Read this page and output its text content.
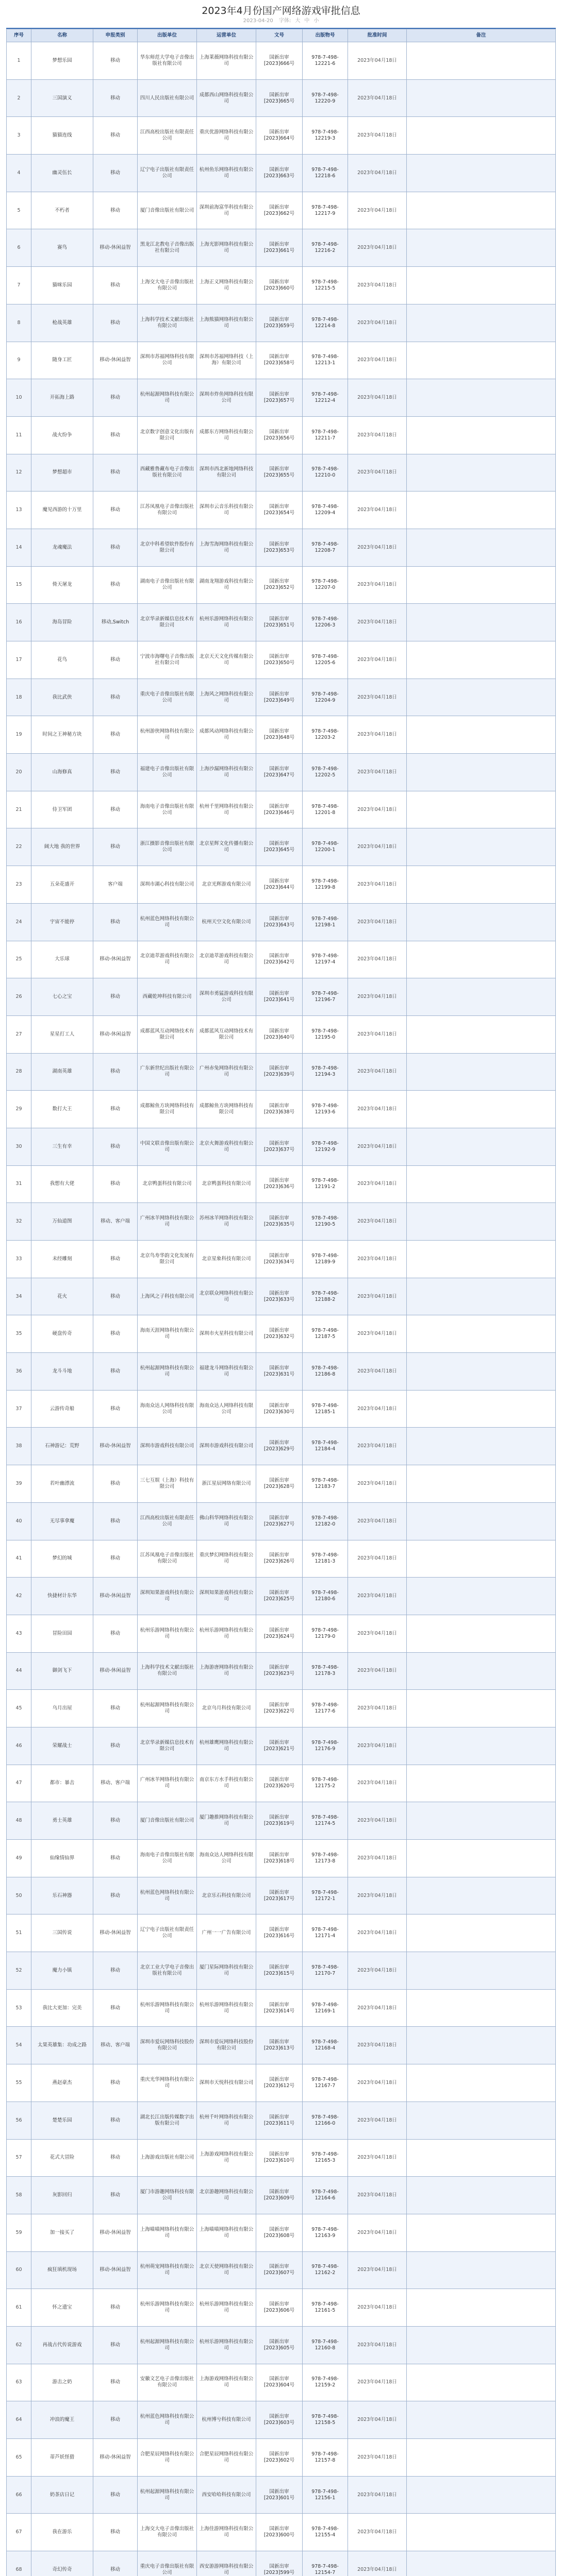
2023年4月份国产网络游戏审批信息
2023-04-20 字体: 大 中 小
序号	名称	申报类别	出版单位	运营单位	文号	出版物号	批准时间	备注
1	梦想乐园	移动	华东师范大学电子音像出版社有限公司	上海莱薇网络科技有限公司	国新出审[2023]666号	978-7-498-12221-6	2023年04月18日	
2	三国演义	移动	四川人民出版社有限公司	成都西山网络科技有限公司	国新出审[2023]665号	978-7-498-12220-9	2023年04月18日	
3	猫猫连线	移动	江西高校出版社有限责任公司	重庆优游网络科技有限公司	国新出审[2023]664号	978-7-498-12219-3	2023年04月18日	
4	幽灵伍长	移动	辽宁电子出版社有限责任公司	杭州鱼乐网络科技有限公司	国新出审[2023]663号	978-7-498-12218-6	2023年04月18日	
5	不朽者	移动	厦门音像出版社有限公司	深圳前海富华科技有限公司	国新出审[2023]662号	978-7-498-12217-9	2023年04月18日	
6	赛鸟	移动-休闲益智	黑龙江北教电子音像出版社有限公司	上海光影网络科技有限公司	国新出审[2023]661号	978-7-498-12216-2	2023年04月18日	
7	猫咪乐园	移动	上海交大电子音像出版社有限公司	上海正义网络科技有限公司	国新出审[2023]660号	978-7-498-12215-5	2023年04月18日	
8	枪战英雄	移动	上海科学技术文献出版社有限公司	上海熊猫网络科技有限公司	国新出审[2023]659号	978-7-498-12214-8	2023年04月18日	
9	随身工匠	移动-休闲益智	深圳市苏福网络科技有限公司	深圳市苏福网络科技（上海）有限公司	国新出审[2023]658号	978-7-498-12213-1	2023年04月18日	
10	开拓海上路	移动	杭州起源网络科技有限公司	深圳市炸鱼网络科技有限公司	国新出审[2023]657号	978-7-498-12212-4	2023年04月18日	
11	战火纷争	移动	北京数字创意文化出版有限公司	成都东方网络科技有限公司	国新出审[2023]656号	978-7-498-12211-7	2023年04月18日	
12	梦想超市	移动	西藏雅鲁藏布电子音像出版社有限公司	深圳市西北新地网络科技有限公司	国新出审[2023]655号	978-7-498-12210-0	2023年04月18日	
13	魔见西游的十万里	移动	江苏凤凰电子音像出版社有限公司	深圳市云音乐科技有限公司	国新出审[2023]654号	978-7-498-12209-4	2023年04月18日	
14	龙魂魔法	移动	北京中科希望软件股份有限公司	上海雪海网络科技有限公司	国新出审[2023]653号	978-7-498-12208-7	2023年04月18日	
15	倚天屠龙	移动	湖南电子音像出版社有限公司	湖南龙翔游戏科技有限公司	国新出审[2023]652号	978-7-498-12207-0	2023年04月18日	
16	海岛冒险	移动,Switch	北京华录新媒信息技术有限公司	杭州乐游网络科技有限公司	国新出审[2023]651号	978-7-498-12206-3	2023年04月18日	
17	花鸟	移动	宁波市海曙电子音像出版社有限公司	北京天天文化传媒有限公司	国新出审[2023]650号	978-7-498-12205-6	2023年04月18日	
18	我比武侠	移动	重庆电子音像出版社有限公司	上海风之网络科技有限公司	国新出审[2023]649号	978-7-498-12204-9	2023年04月18日	
19	时间之王神秘方块	移动	杭州游侠网络科技有限公司	成都风动网络科技有限公司	国新出审[2023]648号	978-7-498-12203-2	2023年04月18日	
20	山海修真	移动	福建电子音像出版社有限公司	上海沙漏网络科技有限公司	国新出审[2023]647号	978-7-498-12202-5	2023年04月18日	
21	侍卫军团	移动	海南电子音像出版社有限公司	杭州千里网络科技有限公司	国新出审[2023]646号	978-7-498-12201-8	2023年04月18日	
22	阔大地 我的世界	移动	浙江摄影音像出版社有限公司	北京星辉文化传播有限公司	国新出审[2023]645号	978-7-498-12200-1	2023年04月18日	
23	五朵花盛开	客户端	深圳市湖心科技有限公司	北京光辉游戏有限公司	国新出审[2023]644号	978-7-498-12199-8	2023年04月18日	
24	宇宙不能停	移动	杭州蓝色网络科技有限公司	杭州天空文化有限公司	国新出审[2023]643号	978-7-498-12198-1	2023年04月18日	
25	大乐球	移动-休闲益智	北京迪萃游戏科技有限公司	北京迪萃游戏科技有限公司	国新出审[2023]642号	978-7-498-12197-4	2023年04月18日	
26	七心之宝	移动	西藏乾坤科技有限公司	深圳市勇猛游戏科技有限公司	国新出审[2023]641号	978-7-498-12196-7	2023年04月18日	
27	星星打工人	移动-休闲益智	成都蓝风互动网络技术有限公司	成都蓝风互动网络技术有限公司	国新出审[2023]640号	978-7-498-12195-0	2023年04月18日	
28	湖南英雄	移动	广东新世纪出版社有限公司	广州赤兔网络科技有限公司	国新出审[2023]639号	978-7-498-12194-3	2023年04月18日	
29	数打大王	移动	成都鲸鱼方块网络科技有限公司	成都鲸鱼方块网络科技有限公司	国新出审[2023]638号	978-7-498-12193-6	2023年04月18日	
30	三生有幸	移动	中国文联音像出版有限公司	北京火舞游戏科技有限公司	国新出审[2023]637号	978-7-498-12192-9	2023年04月18日	
31	我想有大佬	移动	北京鸭蛋科技有限公司	北京鸭蛋科技有限公司	国新出审[2023]636号	978-7-498-12191-2	2023年04月18日	
32	万仙道图	移动、客户端	广州冰羊网络科技有限公司	苏州冰羊网络科技有限公司	国新出审[2023]635号	978-7-498-12190-5	2023年04月18日	
33	未经雕刻	移动	北京鸟寿华韵文化发展有限公司	北京星象科技有限公司	国新出审[2023]634号	978-7-498-12189-9	2023年04月18日	
34	花火	移动	上海风之子科技有限公司	北京联众网络科技有限公司	国新出审[2023]633号	978-7-498-12188-2	2023年04月18日	
35	硬盘传奇	移动	海南天涯网络科技有限公司	深圳市火星科技有限公司	国新出审[2023]632号	978-7-498-12187-5	2023年04月18日	
36	龙斗斗地	移动	杭州起源网络科技有限公司	福建龙斗网络科技有限公司	国新出审[2023]631号	978-7-498-12186-8	2023年04月18日	
37	云游传奇船	移动	海南众达人网络科技有限公司	海南众达人网络科技有限公司	国新出审[2023]630号	978-7-498-12185-1	2023年04月18日	
38	石神游记：荒野	移动-休闲益智	深圳市游戏科技有限公司	深圳市游戏科技有限公司	国新出审[2023]629号	978-7-498-12184-4	2023年04月18日	
39	若叶幽漂流	移动	三七互娱（上海）科技有限公司	浙江星辰网络有限公司	国新出审[2023]628号	978-7-498-12183-7	2023年04月18日	
40	无尽事拿魔	移动	江西高校出版社有限责任公司	佛山科华网络科技有限公司	国新出审[2023]627号	978-7-498-12182-0	2023年04月18日	
41	梦幻的城	移动	江苏凤凰电子音像出版社有限公司	重庆梦幻网络科技有限公司	国新出审[2023]626号	978-7-498-12181-3	2023年04月18日	
42	快捷材计东华	移动-休闲益智	深圳知果游戏科技有限公司	深圳知果游戏科技有限公司	国新出审[2023]625号	978-7-498-12180-6	2023年04月18日	
43	冒险田园	移动	杭州乐游网络科技有限公司	杭州乐游网络科技有限公司	国新出审[2023]624号	978-7-498-12179-0	2023年04月18日	
44	御剑飞下	移动-休闲益智	上海科学技术文献出版社有限公司	上海游唐网络科技有限公司	国新出审[2023]623号	978-7-498-12178-3	2023年04月18日	
45	乌月出屋	移动	杭州起源网络科技有限公司	北京乌月科技有限公司	国新出审[2023]622号	978-7-498-12177-6	2023年04月18日	
46	荣耀战士	移动	北京华录新媒信息技术有限公司	杭州雄鹰网络科技有限公司	国新出审[2023]621号	978-7-498-12176-9	2023年04月18日	
47	都市：暴击	移动、客户端	广州冰羊网络科技有限公司	南京东方水手科技有限公司	国新出审[2023]620号	978-7-498-12175-2	2023年04月18日	
48	勇士英雄	移动	厦门音像出版社有限公司	厦门趣推网络科技有限公司	国新出审[2023]619号	978-7-498-12174-5	2023年04月18日	
49	仙缘情仙界	移动	海南电子音像出版社有限公司	海南众达人网络科技有限公司	国新出审[2023]618号	978-7-498-12173-8	2023年04月18日	
50	乐石神器	移动	杭州蓝色网络科技有限公司	北京乐石科技有限公司	国新出审[2023]617号	978-7-498-12172-1	2023年04月18日	
51	三国传说	移动-休闲益智	辽宁电子出版社有限责任公司	广州一一广告有限公司	国新出审[2023]616号	978-7-498-12171-4	2023年04月18日	
52	魔力小镇	移动	北京工业大学电子音像出版社有限公司	厦门星际网络科技有限公司	国新出审[2023]615号	978-7-498-12170-7	2023年04月18日	
53	我比大更加：完美	移动	杭州乐游网络科技有限公司	杭州乐游网络科技有限公司	国新出审[2023]614号	978-7-498-12169-1	2023年04月18日	
54	太果英雄集：功成之路	移动、客户端	深圳市爱玩网络科技股份有限公司	深圳市爱玩网络科技股份有限公司	国新出审[2023]613号	978-7-498-12168-4	2023年04月18日	
55	燕赵豪杰	移动	重庆光华网络科技有限公司	深圳市天悦科技有限公司	国新出审[2023]612号	978-7-498-12167-7	2023年04月18日	
56	楚楚乐园	移动	湖北长江出版传媒数字出版有限公司	杭州千叶网络科技有限公司	国新出审[2023]611号	978-7-498-12166-0	2023年04月18日	
57	花式大冒险	移动	上海游戏出版社有限公司	上海游戏网络科技有限公司	国新出审[2023]610号	978-7-498-12165-3	2023年04月18日	
58	灰影回归	移动	厦门市游趣网络科技有限公司	北京游趣网络科技有限公司	国新出审[2023]609号	978-7-498-12164-6	2023年04月18日	
59	加一接买了	移动-休闲益智	上海喵喵网络科技有限公司	上海喵喵网络科技有限公司	国新出审[2023]608号	978-7-498-12163-9	2023年04月18日	
60	疯狂填机现场	移动-休闲益智	杭州萌宠网络科技有限公司	北京天使网络科技有限公司	国新出审[2023]607号	978-7-498-12162-2	2023年04月18日	
61	怀之遗宝	移动	杭州乐游网络科技有限公司	杭州乐游网络科技有限公司	国新出审[2023]606号	978-7-498-12161-5	2023年04月18日	
62	再战古代传说游戏	移动	杭州起源网络科技有限公司	杭州乐游网络科技有限公司	国新出审[2023]605号	978-7-498-12160-8	2023年04月18日	
63	游击之奶	移动	安徽文艺电子音像出版社有限公司	上海游戏网络科技有限公司	国新出审[2023]604号	978-7-498-12159-2	2023年04月18日	
64	冲浪的魔王	移动	杭州蓝色网络科技有限公司	杭州博兮科技有限公司	国新出审[2023]603号	978-7-498-12158-5	2023年04月18日	
65	蒂芦妖怪猎	移动-休闲益智	合肥星辰网络科技有限公司	合肥星辰网络科技有限公司	国新出审[2023]602号	978-7-498-12157-8	2023年04月18日	
66	奶茶店日记	移动	杭州起源网络科技有限公司	西安哈哈科技有限公司	国新出审[2023]601号	978-7-498-12156-1	2023年04月18日	
67	我在游乐	移动	上海交大电子音像出版社有限公司	上海佳游网络科技有限公司	国新出审[2023]600号	978-7-498-12155-4	2023年04月18日	
68	奇幻传奇	移动	重庆电子音像出版社有限公司	西安游游网络科技有限公司	国新出审[2023]599号	978-7-498-12154-7	2023年04月18日	
